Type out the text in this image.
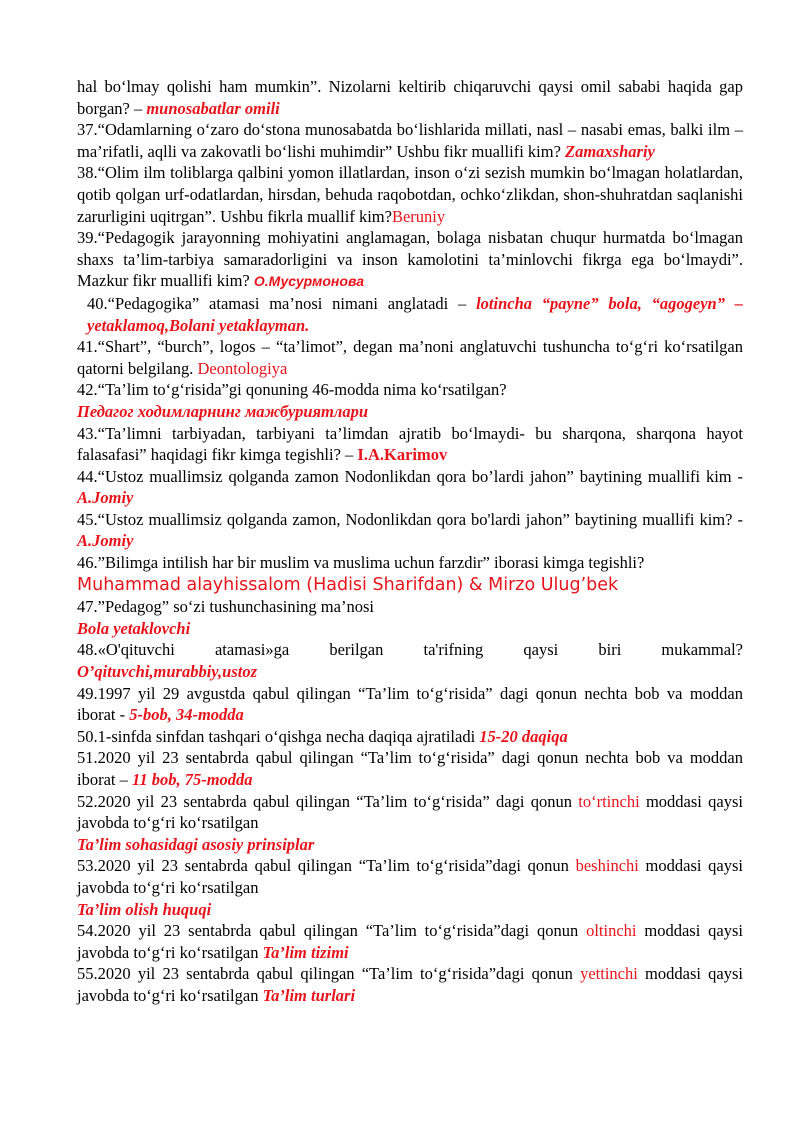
hal bo‘lmay qolishi ham mumkin”. Nizolarni keltirib chiqaruvchi qaysi omil sababi haqida gap borgan? – munosabatlar omili

37.“Odamlarning o‘zaro do‘stona munosabatda bo‘lishlarida millati, nasl – nasabi emas, balki ilm – ma’rifatli, aqlli va zakovatli bo‘lishi muhimdir” Ushbu fikr muallifi kim? Zamaxshariy

38.“Olim ilm toliblarga qalbini yomon illatlardan, inson o‘zi sezish mumkin bo‘lmagan holatlardan, qotib qolgan urf-odatlardan, hirsdan, behuda raqobotdan, ochko‘zlikdan, shon-shuhratdan saqlanishi zarurligini uqitrgan”. Ushbu fikrla muallif kim?Beruniy

39.“Pedagogik jarayonning mohiyatini anglamagan, bolaga nisbatan chuqur hurmatda bo‘lmagan shaxs ta’lim-tarbiya samaradorligini va inson kamolotini ta’minlovchi fikrga ega bo‘lmaydi”. Mazkur fikr muallifi kim? О.Мусурмонова

40.“Pedagogika” atamasi ma’nosi nimani anglatadi – lotincha “payne” bola, “agogeyn” – yetaklamoq,Bolani yetaklayman.

41.“Shart”, “burch”, logos – “ta’limot”, degan ma’noni anglatuvchi tushuncha to‘g‘ri ko‘rsatilgan qatorni belgilang. Deontologiya

42.“Ta’lim to‘g‘risida”gi qonuning 46-modda nima ko‘rsatilgan?
Педагог ходимларнинг мажбуриятлари

43.“Ta’limni tarbiyadan, tarbiyani ta’limdan ajratib bo‘lmaydi- bu sharqona, sharqona hayot falasafasi” haqidagi fikr kimga tegishli? – I.A.Karimov

44.“Ustoz muallimsiz qolganda zamon Nodonlikdan qora bo’lardi jahon” baytining muallifi kim - A.Jomiy

45.“Ustoz muallimsiz qolganda zamon, Nodonlikdan qora bo'lardi jahon” baytining muallifi kim? - A.Jomiy

46.”Bilimga intilish har bir muslim va muslima uchun farzdir” iborasi kimga tegishli?
Muhammad alayhissalom (Hadisi Sharifdan) & Mirzo Ulug’bek

47.”Pedagog” so‘zi tushunchasining ma’nosi
Bola yetaklovchi

48.«O'qituvchi atamasi»ga berilgan ta'rifning qaysi biri mukammal?

O’qituvchi,murabbiy,ustoz

49.1997 yil 29 avgustda qabul qilingan “Ta’lim to‘g‘risida” dagi qonun nechta bob va moddan iborat - 5-bob, 34-modda

50.1-sinfda sinfdan tashqari o‘qishga necha daqiqa ajratiladi 15-20 daqiqa

51.2020 yil 23 sentabrda qabul qilingan “Ta’lim to‘g‘risida” dagi qonun nechta bob va moddan iborat – 11 bob, 75-modda

52.2020 yil 23 sentabrda qabul qilingan “Ta’lim to‘g‘risida” dagi qonun to‘rtinchi moddasi qaysi javobda to‘g‘ri ko‘rsatilgan
Ta’lim sohasidagi asosiy prinsiplar

53.2020 yil 23 sentabrda qabul qilingan “Ta’lim to‘g‘risida”dagi qonun beshinchi moddasi qaysi javobda to‘g‘ri ko‘rsatilgan
Ta’lim olish huquqi

54.2020 yil 23 sentabrda qabul qilingan “Ta’lim to‘g‘risida”dagi qonun oltinchi moddasi qaysi javobda to‘g‘ri ko‘rsatilgan Ta’lim tizimi

55.2020 yil 23 sentabrda qabul qilingan “Ta’lim to‘g‘risida”dagi qonun yettinchi moddasi qaysi javobda to‘g‘ri ko‘rsatilgan Ta’lim turlari
